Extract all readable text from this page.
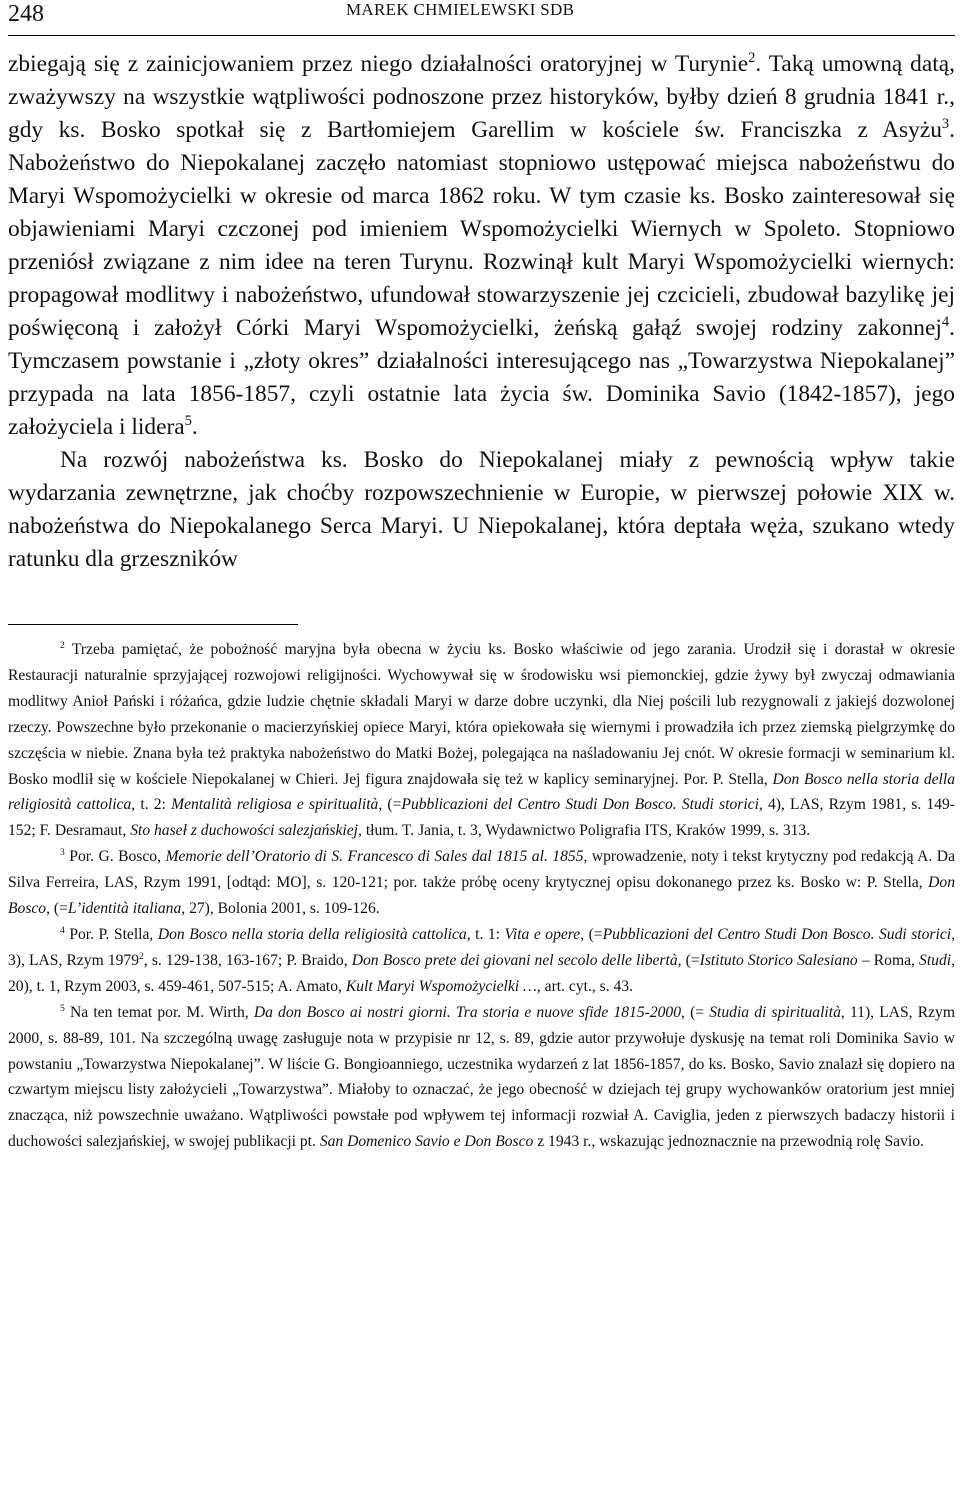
248	MAREK CHMIELEWSKI SDB

zbiegają się z zainicjowaniem przez niego działalności oratoryjnej w Turynie$^2$. Taką umowną datą, zważywszy na wszystkie wątpliwości podnoszone przez historyków, byłby dzień 8 grudnia 1841 r., gdy ks. Bosko spotkał się z Bartłomiejem Garellim w kościele św. Franciszka z Asyżu$^3$. Nabożeństwo do Niepokalanej zaczęło natomiast stopniowo ustępować miejsca nabożeństwu do Maryi Wspomożycielki w okresie od marca 1862 roku. W tym czasie ks. Bosko zainteresował się objawieniami Maryi czczonej pod imieniem Wspomożycielki Wiernych w Spoleto. Stopniowo przeniósł związane z nim idee na teren Turynu. Rozwinął kult Maryi Wspomożycielki wiernych: propagował modlitwy i nabożeństwo, ufundował stowarzyszenie jej czcicieli, zbudował bazylikę jej poświęconą i założył Córki Maryi Wspomożycielki, żeńską gałąź swojej rodziny zakonnej$^4$. Tymczasem powstanie i „złoty okres” działalności interesującego nas „Towarzystwa Niepokalanej” przypada na lata 1856-1857, czyli ostatnie lata życia św. Dominika Savio (1842-1857), jego założyciela i lidera$^5$.

Na rozwój nabożeństwa ks. Bosko do Niepokalanej miały z pewnością wpływ takie wydarzania zewnętrzne, jak choćby rozpowszechnienie w Europie, w pierwszej połowie XIX w. nabożeństwa do Niepokalanego Serca Maryi. U Niepokalanej, która deptała węża, szukano wtedy ratunku dla grzeszników

$^2$ Trzeba pamiętać, że pobożność maryjna była obecna w życiu ks. Bosko właściwie od jego zarania. Urodził się i dorastał w okresie Restauracji naturalnie sprzyjającej rozwojowi religijności. Wychowywał się w środowisku wsi piemonckiej, gdzie żywy był zwyczaj odmawiania modlitwy Anioł Pański i różańca, gdzie ludzie chętnie składali Maryi w darze dobre uczynki, dla Niej pościli lub rezygnowali z jakiejś dozwolonej rzeczy. Powszechne było przekonanie o macierzyńskiej opiece Maryi, która opiekowała się wiernymi i prowadziła ich przez ziemską pielgrzymkę do szczęścia w niebie. Znana była też praktyka nabożeństwo do Matki Bożej, polegająca na naśladowaniu Jej cnót. W okresie formacji w seminarium kl. Bosko modlił się w kościele Niepokalanej w Chieri. Jej figura znajdowała się też w kaplicy seminaryjnej. Por. P. Stella, Don Bosco nella storia della religiosità cattolica, t. 2: Mentalità religiosa e spiritualità, (=Pubblicazioni del Centro Studi Don Bosco. Studi storici, 4), LAS, Rzym 1981, s. 149-152; F. Desramaut, Sto haseł z duchowości salezjańskiej, tłum. T. Jania, t. 3, Wydawnictwo Poligrafia ITS, Kraków 1999, s. 313.

$^3$ Por. G. Bosco, Memorie dell’Oratorio di S. Francesco di Sales dal 1815 al. 1855, wprowadzenie, noty i tekst krytyczny pod redakcją A. Da Silva Ferreira, LAS, Rzym 1991, [odtąd: MO], s. 120-121; por. także próbę oceny krytycznej opisu dokonanego przez ks. Bosko w: P. Stella, Don Bosco, (=L’identità italiana, 27), Bolonia 2001, s. 109-126.

$^4$ Por. P. Stella, Don Bosco nella storia della religiosità cattolica, t. 1: Vita e opere, (=Pubblicazioni del Centro Studi Don Bosco. Sudi storici, 3), LAS, Rzym 1979$^2$, s. 129-138, 163-167; P. Braido, Don Bosco prete dei giovani nel secolo delle libertà, (=Istituto Storico Salesiano – Roma, Studi, 20), t. 1, Rzym 2003, s. 459-461, 507-515; A. Amato, Kult Maryi Wspomożycielki …, art. cyt., s. 43.

$^5$ Na ten temat por. M. Wirth, Da don Bosco ai nostri giorni. Tra storia e nuove sfide 1815-2000, (= Studia di spiritualità, 11), LAS, Rzym 2000, s. 88-89, 101. Na szczególną uwagę zasługuje nota w przypisie nr 12, s. 89, gdzie autor przywołuje dyskusję na temat roli Dominika Savio w powstaniu „Towarzystwa Niepokalanej”. W liście G. Bongioanniego, uczestnika wydarzeń z lat 1856-1857, do ks. Bosko, Savio znalazł się dopiero na czwartym miejscu listy założycieli „Towarzystwa”. Miałoby to oznaczać, że jego obecność w dziejach tej grupy wychowanków oratorium jest mniej znacząca, niż powszechnie uważano. Wątpliwości powstałe pod wpływem tej informacji rozwiał A. Caviglia, jeden z pierwszych badaczy historii i duchowości salezjańskiej, w swojej publikacji pt. San Domenico Savio e Don Bosco z 1943 r., wskazując jednoznacznie na przewodnią rolę Savio.
